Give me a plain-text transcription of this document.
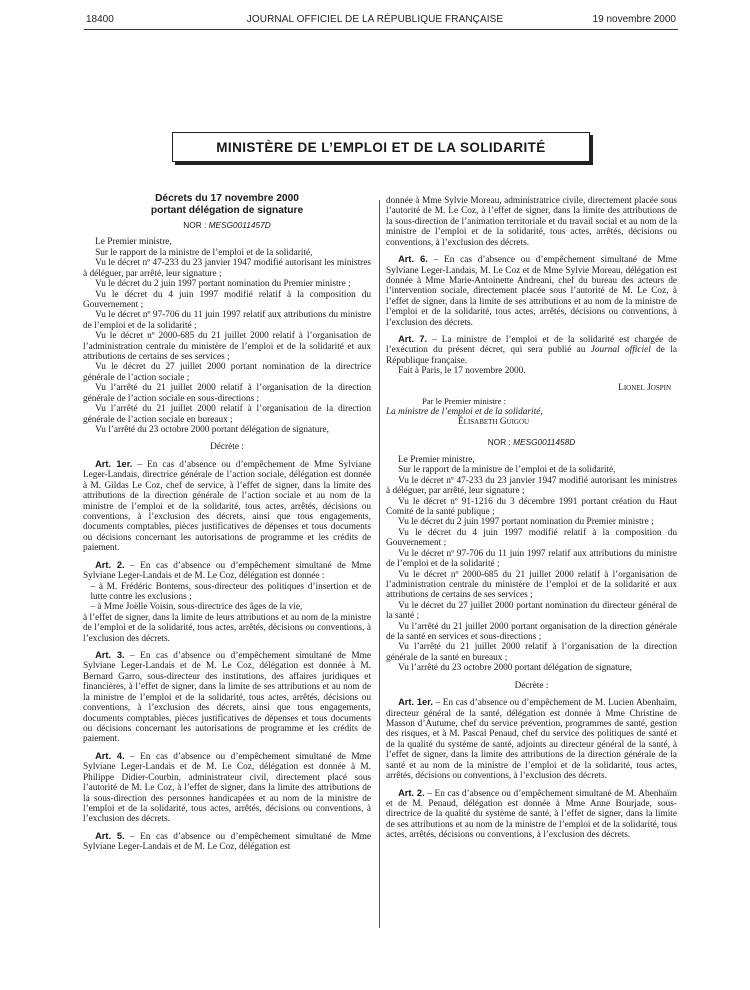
18400	JOURNAL OFFICIEL DE LA RÉPUBLIQUE FRANÇAISE	19 novembre 2000
MINISTÈRE DE L’EMPLOI ET DE LA SOLIDARITÉ
Décrets du 17 novembre 2000
portant délégation de signature
NOR : MESG0011457D

Le Premier ministre,

Sur le rapport de la ministre de l’emploi et de la solidarité,

Vu le décret nº 47-233 du 23 janvier 1947 modifié autorisant les ministres à déléguer, par arrêté, leur signature ;

Vu le décret du 2 juin 1997 portant nomination du Premier ministre ;

Vu le décret du 4 juin 1997 modifié relatif à la composition du Gouvernement ;

Vu le décret nº 97-706 du 11 juin 1997 relatif aux attributions du ministre de l’emploi et de la solidarité ;

Vu le décret nº 2000-685 du 21 juillet 2000 relatif à l’organisation de l’administration centrale du ministère de l’emploi et de la solidarité et aux attributions de certains de ses services ;

Vu le décret du 27 juillet 2000 portant nomination de la directrice générale de l’action sociale ;

Vu l’arrêté du 21 juillet 2000 relatif à l’organisation de la direction générale de l’action sociale en sous-directions ;

Vu l’arrêté du 21 juillet 2000 relatif à l’organisation de la direction générale de l’action sociale en bureaux ;

Vu l’arrêté du 23 octobre 2000 portant délégation de signature,

Décrète :

Art. 1er. – En cas d’absence ou d’empêchement de Mme Sylviane Leger-Landais, directrice générale de l’action sociale, délégation est donnée à M. Gildas Le Coz, chef de service, à l’effet de signer, dans la limite des attributions de la direction générale de l’action sociale et au nom de la ministre de l’emploi et de la solidarité, tous actes, arrêtés, décisions ou conventions, à l’exclusion des décrets, ainsi que tous engagements, documents comptables, pièces justificatives de dépenses et tous documents ou décisions concernant les autorisations de programme et les crédits de paiement.

Art. 2. – En cas d’absence ou d’empêchement simultané de Mme Sylviane Leger-Landais et de M. Le Coz, délégation est donnée :

– à M. Frédéric Bontems, sous-directeur des politiques d’insertion et de lutte contre les exclusions ;

– à Mme Joëlle Voisin, sous-directrice des âges de la vie,

à l’effet de signer, dans la limite de leurs attributions et au nom de la ministre de l’emploi et de la solidarité, tous actes, arrêtés, décisions ou conventions, à l’exclusion des décrets.

Art. 3. – En cas d’absence ou d’empêchement simultané de Mme Sylviane Leger-Landais et de M. Le Coz, délégation est donnée à M. Bernard Garro, sous-directeur des institutions, des affaires juridiques et financières, à l’effet de signer, dans la limite de ses attributions et au nom de la ministre de l’emploi et de la solidarité, tous actes, arrêtés, décisions ou conventions, à l’exclusion des décrets, ainsi que tous engagements, documents comptables, pièces justificatives de dépenses et tous documents ou décisions concernant les autorisations de programme et les crédits de paiement.

Art. 4. – En cas d’absence ou d’empêchement simultané de Mme Sylviane Leger-Landais et de M. Le Coz, délégation est donnée à M. Philippe Didier-Courbin, administrateur civil, directement placé sous l’autorité de M. Le Coz, à l’effet de signer, dans la limite des attributions de la sous-direction des personnes handicapées et au nom de la ministre de l’emploi et de la solidarité, tous actes, arrêtés, décisions ou conventions, à l’exclusion des décrets.

Art. 5. – En cas d’absence ou d’empêchement simultané de Mme Sylviane Leger-Landais et de M. Le Coz, délégation est

donnée à Mme Sylvie Moreau, administratrice civile, directement placée sous l’autorité de M. Le Coz, à l’effet de signer, dans la limite des attributions de la sous-direction de l’animation territoriale et du travail social et au nom de la ministre de l’emploi et de la solidarité, tous actes, arrêtés, décisions ou conventions, à l’exclusion des décrets.

Art. 6. – En cas d’absence ou d’empêchement simultané de Mme Sylviane Leger-Landais, M. Le Coz et de Mme Sylvie Moreau, délégation est donnée à Mme Marie-Antoinette Andreani, chef du bureau des acteurs de l’intervention sociale, directement placée sous l’autorité de M. Le Coz, à l’effet de signer, dans la limite de ses attributions et au nom de la ministre de l’emploi et de la solidarité, tous actes, arrêtés, décisions ou conventions, à l’exclusion des décrets.

Art. 7. – La ministre de l’emploi et de la solidarité est chargée de l’exécution du présent décret, qui sera publié au Journal officiel de la République française.

Fait à Paris, le 17 novembre 2000.

Lionel Jospin
Par le Premier ministre :
La ministre de l’emploi et de la solidarité,
Élisabeth Guigou
NOR : MESG0011458D

Le Premier ministre,

Sur le rapport de la ministre de l’emploi et de la solidarité,

Vu le décret nº 47-233 du 23 janvier 1947 modifié autorisant les ministres à déléguer, par arrêté, leur signature ;

Vu le décret nº 91-1216 du 3 décembre 1991 portant création du Haut Comité de la santé publique ;

Vu le décret du 2 juin 1997 portant nomination du Premier ministre ;

Vu le décret du 4 juin 1997 modifié relatif à la composition du Gouvernement ;

Vu le décret nº 97-706 du 11 juin 1997 relatif aux attributions du ministre de l’emploi et de la solidarité ;

Vu le décret nº 2000-685 du 21 juillet 2000 relatif à l’organisation de l’administration centrale du ministère de l’emploi et de la solidarité et aux attributions de certains de ses services ;

Vu le décret du 27 juillet 2000 portant nomination du directeur général de la santé ;

Vu l’arrêté du 21 juillet 2000 portant organisation de la direction générale de la santé en services et sous-directions ;

Vu l’arrêté du 21 juillet 2000 relatif à l’organisation de la direction générale de la santé en bureaux ;

Vu l’arrêté du 23 octobre 2000 portant délégation de signature,

Décrète :

Art. 1er. – En cas d’absence ou d’empêchement de M. Lucien Abenhaïm, directeur général de la santé, délégation est donnée à Mme Christine de Masson d’Autume, chef du service prévention, programmes de santé, gestion des risques, et à M. Pascal Penaud, chef du service des politiques de santé et de la qualité du système de santé, adjoints au directeur général de la santé, à l’effet de signer, dans la limite des attributions de la direction générale de la santé et au nom de la ministre de l’emploi et de la solidarité, tous actes, arrêtés, décisions ou conventions, à l’exclusion des décrets.

Art. 2. – En cas d’absence ou d’empêchement simultané de M. Abenhaïm et de M. Penaud, délégation est donnée à Mme Anne Bourjade, sous-directrice de la qualité du système de santé, à l’effet de signer, dans la limite de ses attributions et au nom de la ministre de l’emploi et de la solidarité, tous actes, arrêtés, décisions ou conventions, à l’exclusion des décrets.
